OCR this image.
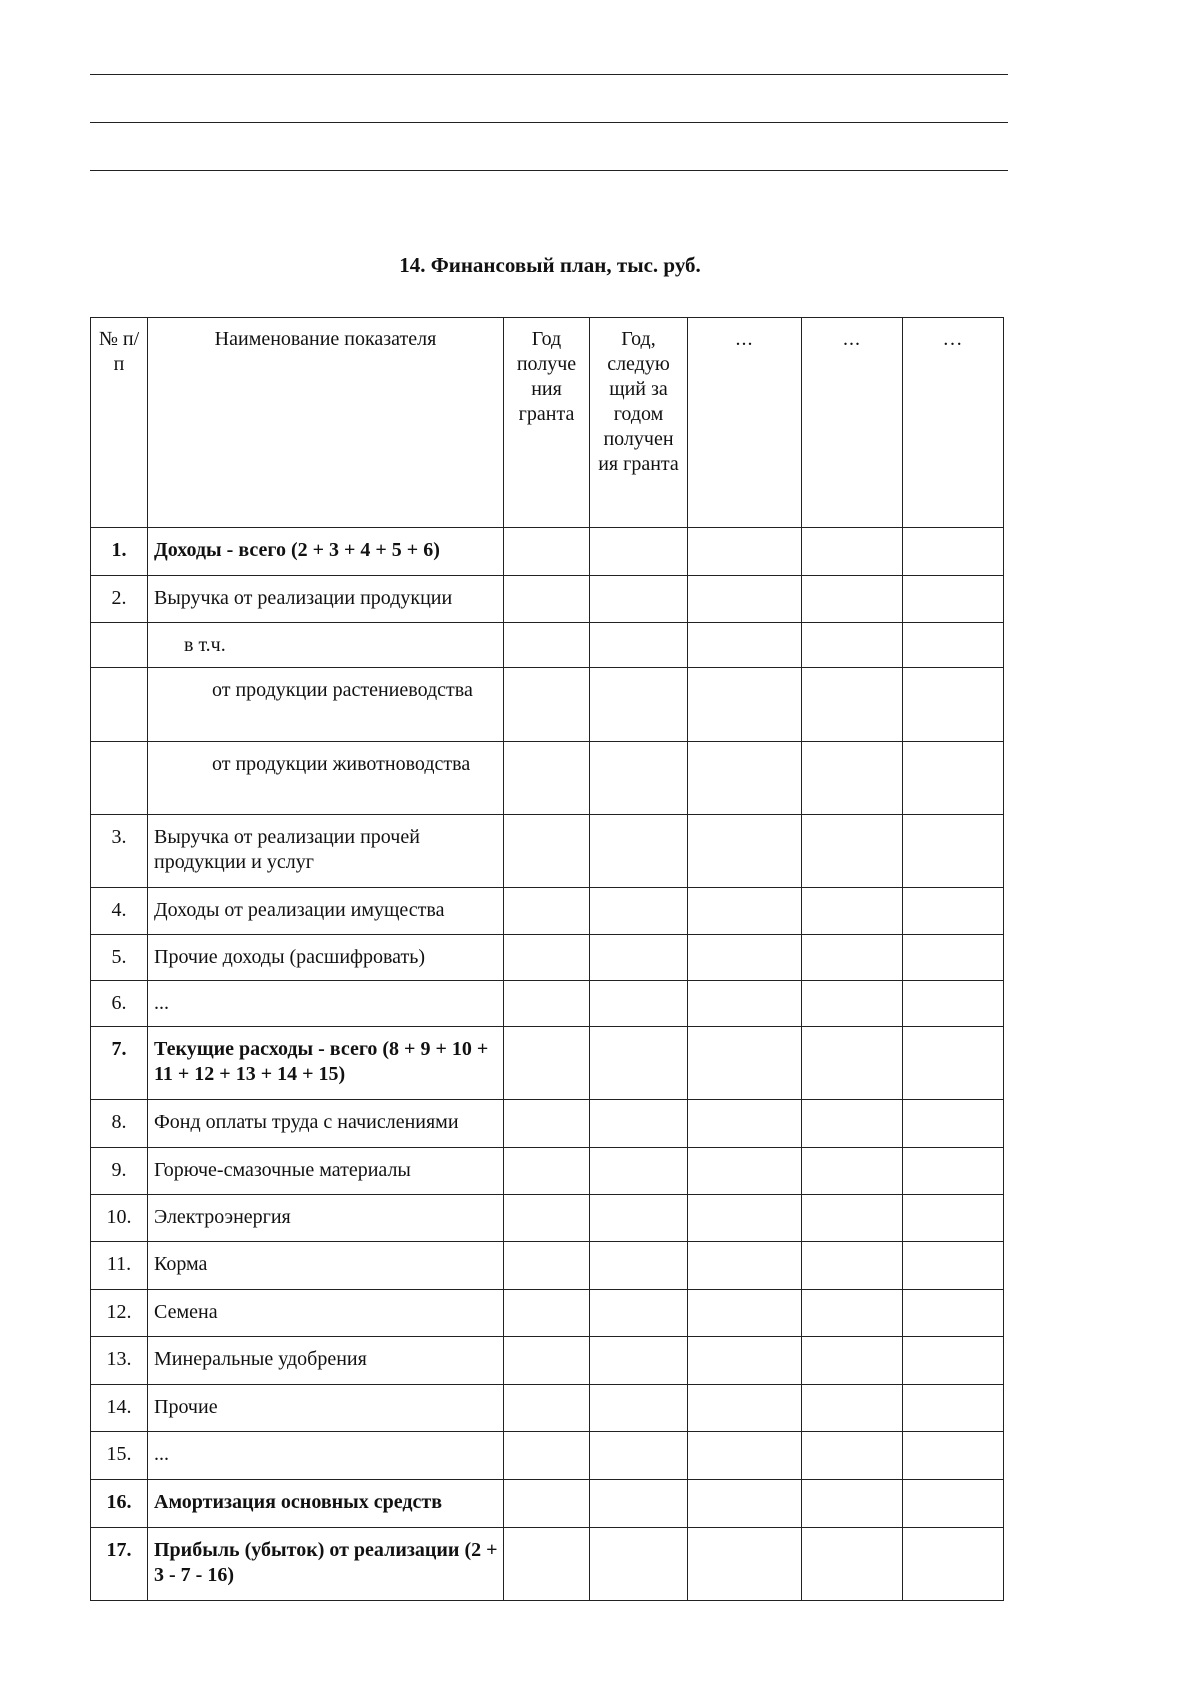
14. Финансовый план, тыс. руб.
№ п/п	Наименование показателя	Год получе ния гранта	Год, следую щий за годом получен ия гранта	...	...	…
1.	Доходы - всего (2 + 3 + 4 + 5 + 6)					
2.	Выручка от реализации продукции					
	в т.ч.					
	от продукции растениеводства					
	от продукции животноводства					
3.	Выручка от реализации прочей продукции и услуг					
4.	Доходы от реализации имущества					
5.	Прочие доходы (расшифровать)					
6.	...					
7.	Текущие расходы - всего (8 + 9 + 10 + 11 + 12 + 13 + 14 + 15)					
8.	Фонд оплаты труда с начислениями					
9.	Горюче-смазочные материалы					
10.	Электроэнергия					
11.	Корма					
12.	Семена					
13.	Минеральные удобрения					
14.	Прочие					
15.	...					
16.	Амортизация основных средств					
17.	Прибыль (убыток) от реализации (2 + 3 - 7 - 16)					
